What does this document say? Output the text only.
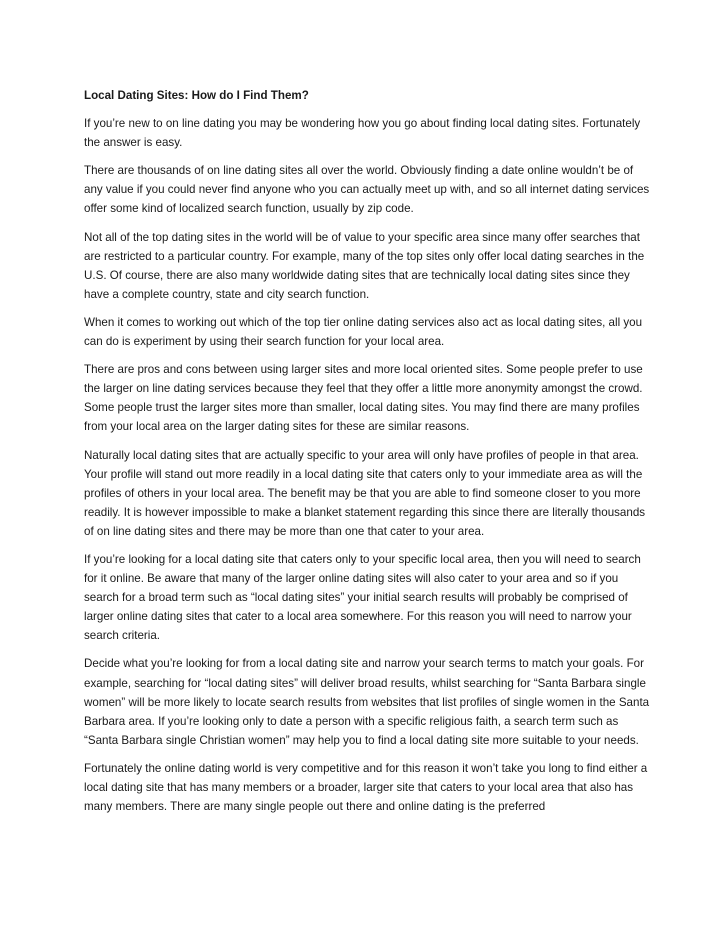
Local Dating Sites: How do I Find Them?

If you’re new to on line dating you may be wondering how you go about finding local dating sites. Fortunately the answer is easy.

There are thousands of on line dating sites all over the world. Obviously finding a date online wouldn’t be of any value if you could never find anyone who you can actually meet up with, and so all internet dating services offer some kind of localized search function, usually by zip code.

Not all of the top dating sites in the world will be of value to your specific area since many offer searches that are restricted to a particular country. For example, many of the top sites only offer local dating searches in the U.S. Of course, there are also many worldwide dating sites that are technically local dating sites since they have a complete country, state and city search function.

When it comes to working out which of the top tier online dating services also act as local dating sites, all you can do is experiment by using their search function for your local area.

There are pros and cons between using larger sites and more local oriented sites. Some people prefer to use the larger on line dating services because they feel that they offer a little more anonymity amongst the crowd. Some people trust the larger sites more than smaller, local dating sites. You may find there are many profiles from your local area on the larger dating sites for these are similar reasons.

Naturally local dating sites that are actually specific to your area will only have profiles of people in that area. Your profile will stand out more readily in a local dating site that caters only to your immediate area as will the profiles of others in your local area. The benefit may be that you are able to find someone closer to you more readily. It is however impossible to make a blanket statement regarding this since there are literally thousands of on line dating sites and there may be more than one that cater to your area.

If you’re looking for a local dating site that caters only to your specific local area, then you will need to search for it online. Be aware that many of the larger online dating sites will also cater to your area and so if you search for a broad term such as “local dating sites” your initial search results will probably be comprised of larger online dating sites that cater to a local area somewhere. For this reason you will need to narrow your search criteria.

Decide what you’re looking for from a local dating site and narrow your search terms to match your goals. For example, searching for “local dating sites” will deliver broad results, whilst searching for “Santa Barbara single women” will be more likely to locate search results from websites that list profiles of single women in the Santa Barbara area. If you’re looking only to date a person with a specific religious faith, a search term such as “Santa Barbara single Christian women” may help you to find a local dating site more suitable to your needs.

Fortunately the online dating world is very competitive and for this reason it won’t take you long to find either a local dating site that has many members or a broader, larger site that caters to your local area that also has many members. There are many single people out there and online dating is the preferred
